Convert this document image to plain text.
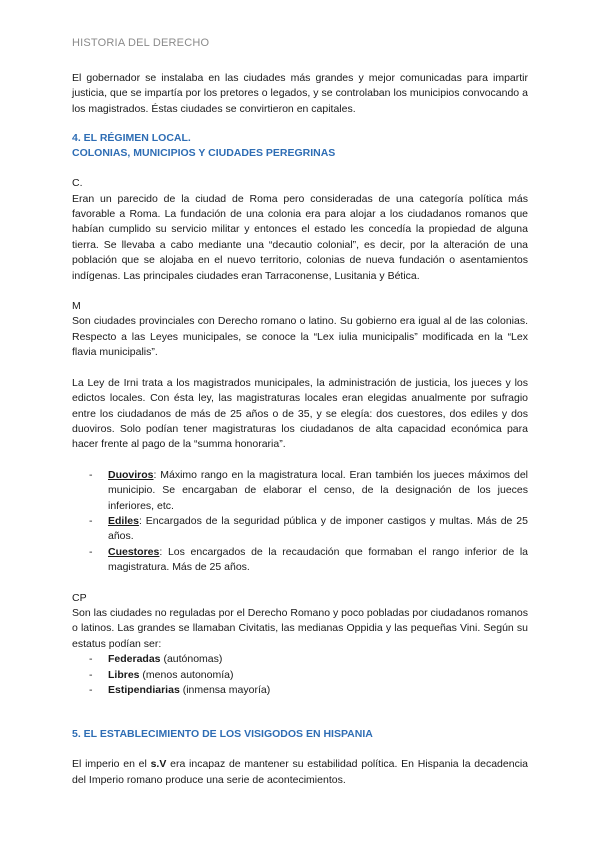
HISTORIA DEL DERECHO

El gobernador se instalaba en las ciudades más grandes y mejor comunicadas para impartir justicia, que se impartía por los pretores o legados, y se controlaban los municipios convocando a los magistrados. Éstas ciudades se convirtieron en capitales.

4. EL RÉGIMEN LOCAL.
COLONIAS, MUNICIPIOS Y CIUDADES PEREGRINAS
C.

Eran un parecido de la ciudad de Roma pero consideradas de una categoría política más favorable a Roma. La fundación de una colonia era para alojar a los ciudadanos romanos que habían cumplido su servicio militar y entonces el estado les concedía la propiedad de alguna tierra. Se llevaba a cabo mediante una “decautio colonial”, es decir, por la alteración de una población que se alojaba en el nuevo territorio, colonias de nueva fundación o asentamientos indígenas. Las principales ciudades eran Tarraconense, Lusitania y Bética.

M

Son ciudades provinciales con Derecho romano o latino. Su gobierno era igual al de las colonias. Respecto a las Leyes municipales, se conoce la “Lex iulia municipalis” modificada en la “Lex flavia municipalis”.

La Ley de Irni trata a los magistrados municipales, la administración de justicia, los jueces y los edictos locales. Con ésta ley, las magistraturas locales eran elegidas anualmente por sufragio entre los ciudadanos de más de 25 años o de 35, y se elegía: dos cuestores, dos ediles y dos duoviros. Solo podían tener magistraturas los ciudadanos de alta capacidad económica para hacer frente al pago de la “summa honoraria”.

- Duoviros: Máximo rango en la magistratura local. Eran también los jueces máximos del municipio. Se encargaban de elaborar el censo, de la designación de los jueces inferiores, etc.
- Ediles: Encargados de la seguridad pública y de imponer castigos y multas. Más de 25 años.
- Cuestores: Los encargados de la recaudación que formaban el rango inferior de la magistratura. Más de 25 años.
CP

Son las ciudades no reguladas por el Derecho Romano y poco pobladas por ciudadanos romanos o latinos. Las grandes se llamaban Civitatis, las medianas Oppidia y las pequeñas Vini. Según su estatus podían ser:

- Federadas (autónomas)
- Libres (menos autonomía)
- Estipendiarias (inmensa mayoría)
5. EL ESTABLECIMIENTO DE LOS VISIGODOS EN HISPANIA

El imperio en el s.V era incapaz de mantener su estabilidad política. En Hispania la decadencia del Imperio romano produce una serie de acontecimientos.
